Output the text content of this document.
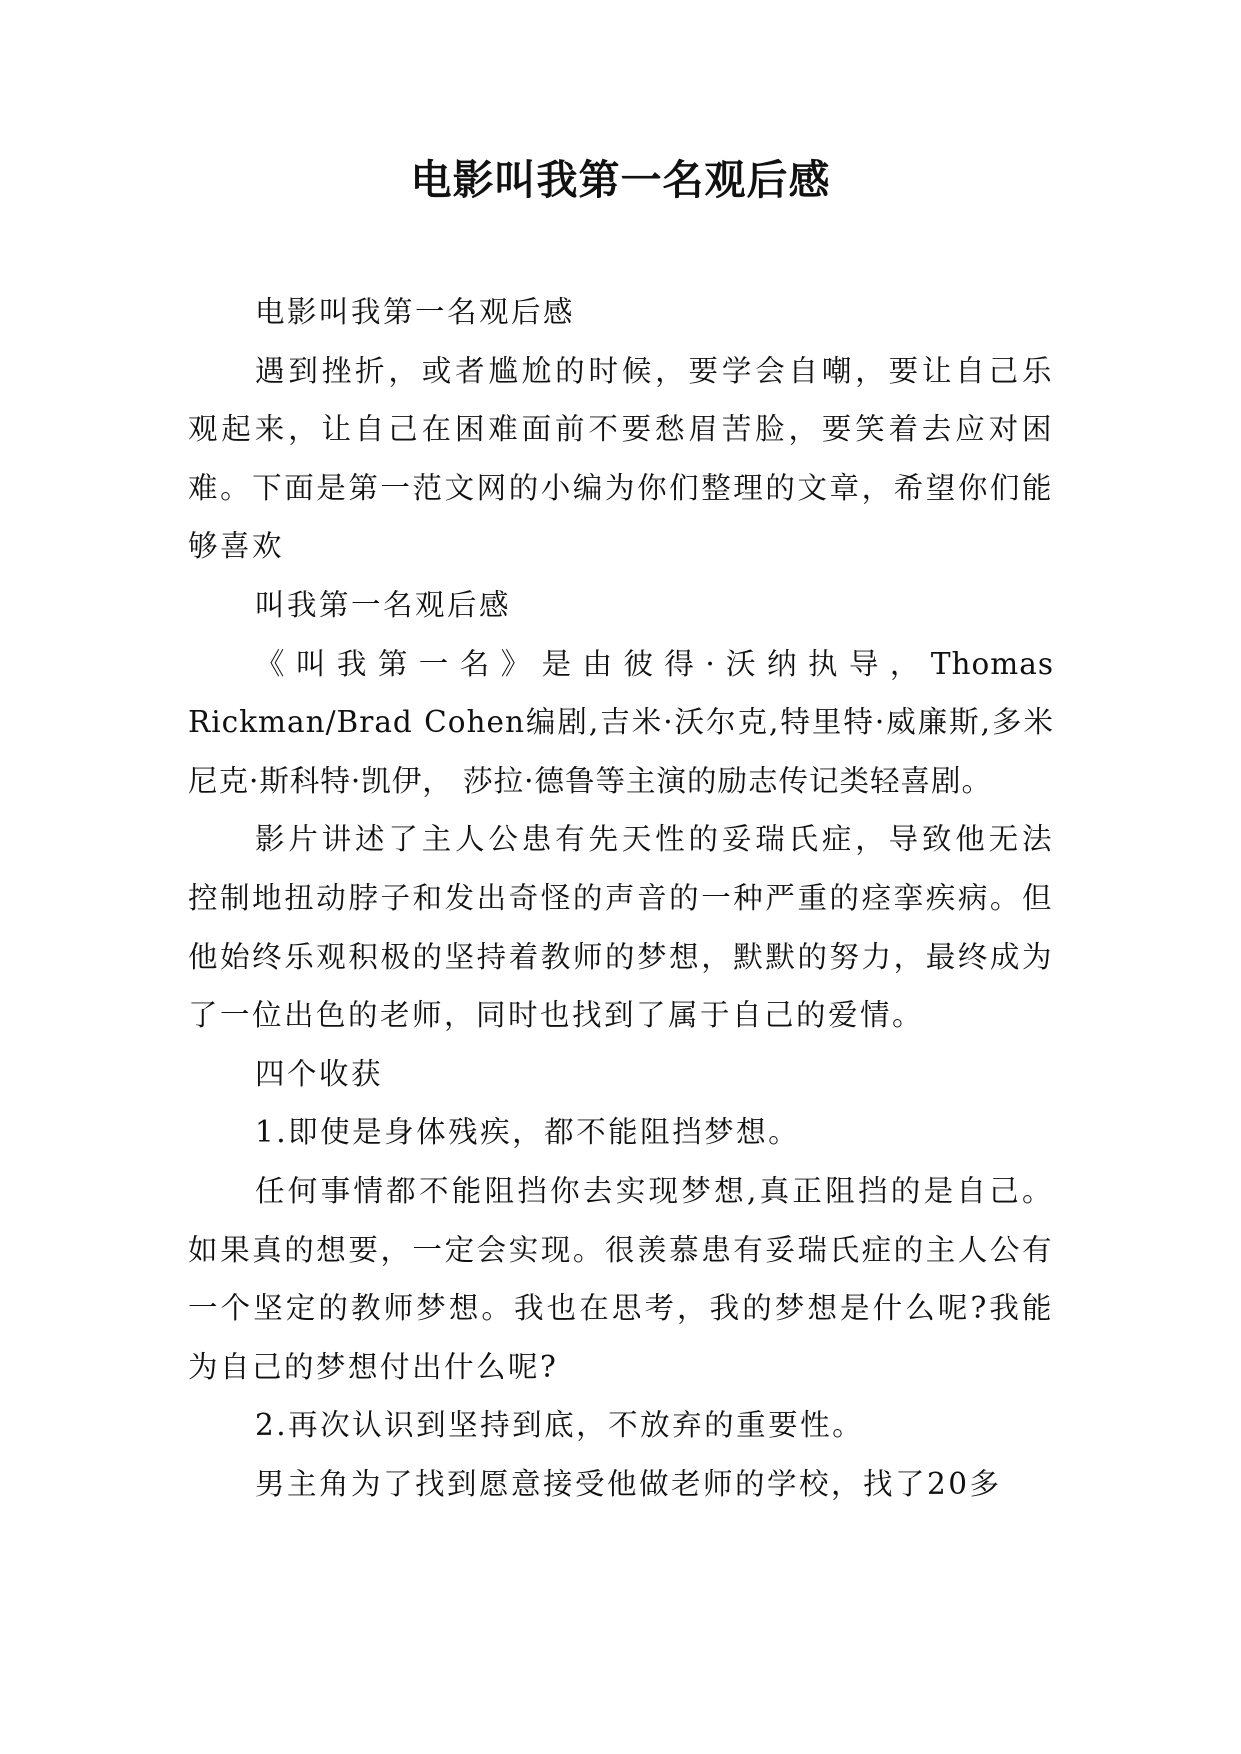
电影叫我第一名观后感

电影叫我第一名观后感

遇到挫折，或者尴尬的时候，要学会自嘲，要让自己乐观起来，让自己在困难面前不要愁眉苦脸，要笑着去应对困难。下面是第一范文网的小编为你们整理的文章，希望你们能够喜欢

叫我第一名观后感

《叫我第一名》是由彼得·沃纳执导，Thomas Rickman/Brad Cohen编剧,吉米·沃尔克,特里特·威廉斯,多米尼克·斯科特·凯伊， 莎拉·德鲁等主演的励志传记类轻喜剧。

影片讲述了主人公患有先天性的妥瑞氏症，导致他无法控制地扭动脖子和发出奇怪的声音的一种严重的痉挛疾病。但他始终乐观积极的坚持着教师的梦想，默默的努力，最终成为了一位出色的老师，同时也找到了属于自己的爱情。

四个收获

1.即使是身体残疾，都不能阻挡梦想。

任何事情都不能阻挡你去实现梦想,真正阻挡的是自己。如果真的想要，一定会实现。很羡慕患有妥瑞氏症的主人公有一个坚定的教师梦想。我也在思考，我的梦想是什么呢?我能为自己的梦想付出什么呢?

2.再次认识到坚持到底，不放弃的重要性。

男主角为了找到愿意接受他做老师的学校，找了20多
